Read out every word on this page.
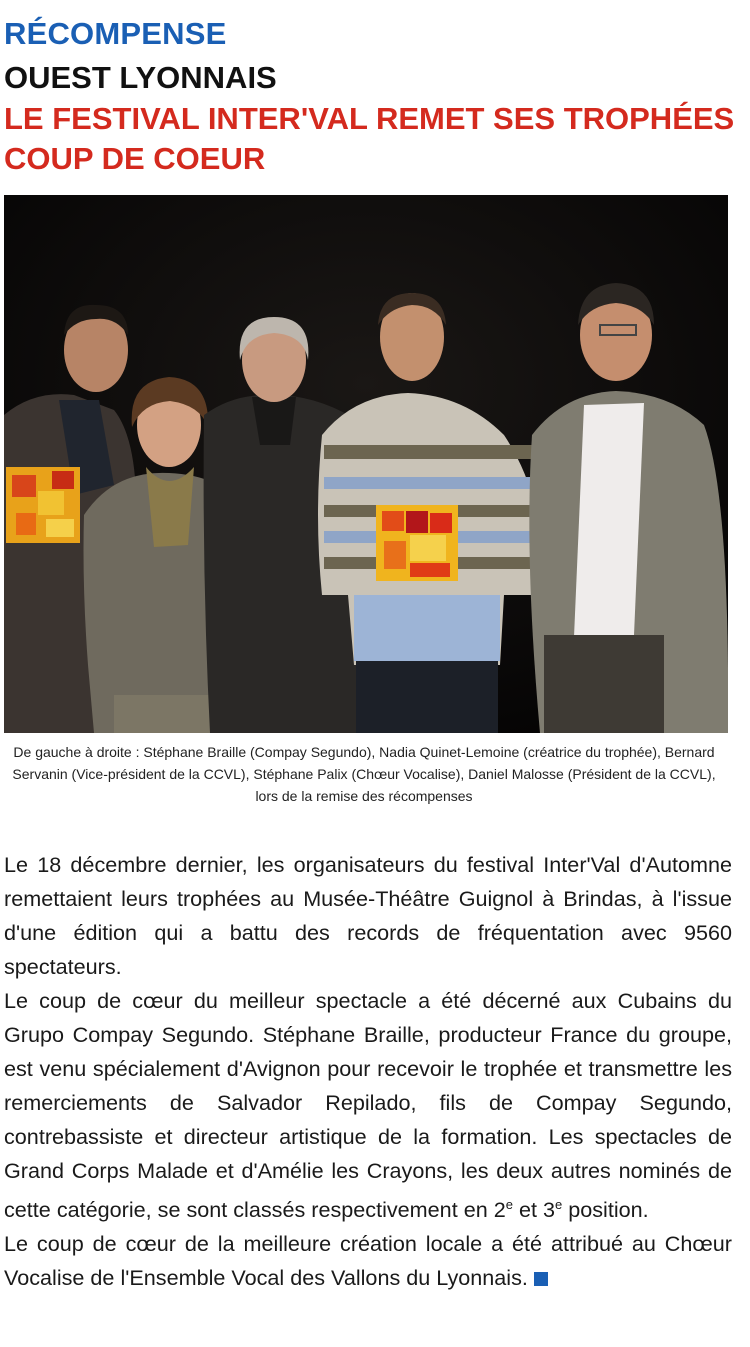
RÉCOMPENSE
OUEST LYONNAIS
LE FESTIVAL INTER'VAL REMET SES TROPHÉES COUP DE COEUR
De gauche à droite : Stéphane Braille (Compay Segundo), Nadia Quinet-Lemoine (créatrice du trophée), Bernard Servanin (Vice-président de la CCVL), Stéphane Palix (Chœur Vocalise), Daniel Malosse (Président de la CCVL), lors de la remise des récompenses

Le 18 décembre dernier, les organisateurs du festival Inter'Val d'Automne remettaient leurs trophées au Musée-Théâtre Guignol à Brindas, à l'issue d'une édition qui a battu des records de fréquentation avec 9560 spectateurs.

Le coup de cœur du meilleur spectacle a été décerné aux Cubains du Grupo Compay Segundo. Stéphane Braille, producteur France du groupe, est venu spécialement d'Avignon pour recevoir le trophée et transmettre les remerciements de Salvador Repilado, fils de Compay Segundo, contrebassiste et directeur artistique de la formation. Les spectacles de Grand Corps Malade et d'Amélie les Crayons, les deux autres nominés de cette catégorie, se sont classés respectivement en 2e et 3e position.

Le coup de cœur de la meilleure création locale a été attribué au Chœur Vocalise de l'Ensemble Vocal des Vallons du Lyonnais.
